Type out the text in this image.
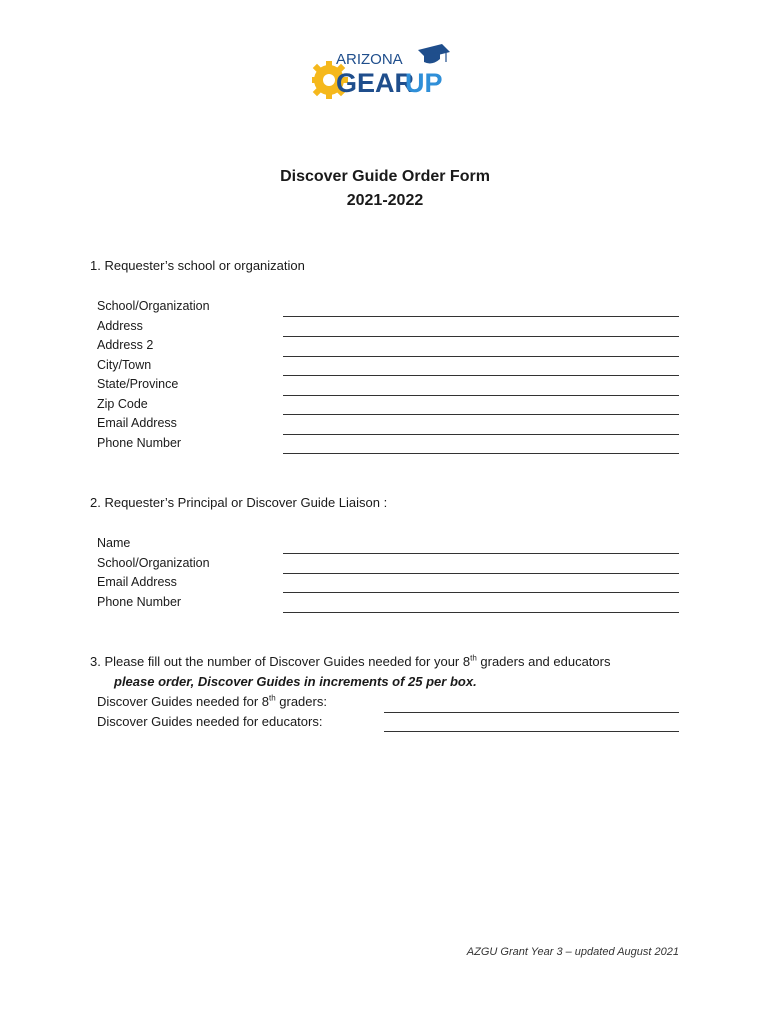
ARIZONA
GEAR
UP
Discover Guide Order Form
2021-2022
1. Requester’s school or organization
School/Organization
Address
Address 2
City/Town
State/Province
Zip Code
Email Address
Phone Number
2. Requester’s Principal or Discover Guide Liaison :
Name
School/Organization
Email Address
Phone Number
3. Please fill out the number of Discover Guides needed for your 8th graders and educators
please order, Discover Guides in increments of 25 per box.
Discover Guides needed for 8th graders:
Discover Guides needed for educators:
AZGU Grant Year 3 – updated August 2021
